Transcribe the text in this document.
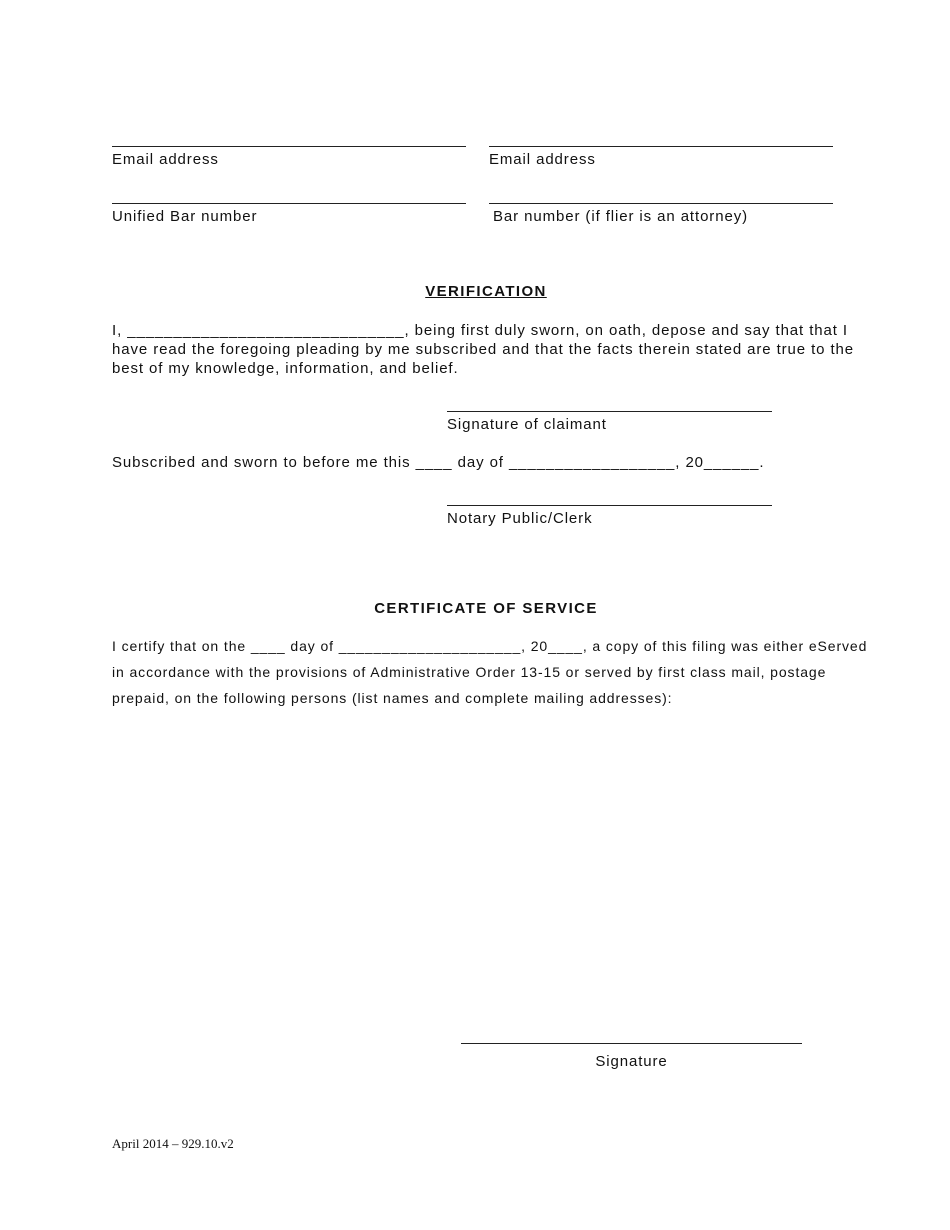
Email address	Email address
Unified Bar number	Bar number (if flier is an attorney)
VERIFICATION
I, ______________________________, being first duly sworn, on oath, depose and say that that I have read the foregoing pleading by me subscribed and that the facts therein stated are true to the best of my knowledge, information, and belief.
Signature of claimant
Subscribed and sworn to before me this ____ day of __________________, 20______.
Notary Public/Clerk
CERTIFICATE OF SERVICE
I certify that on the ____ day of _____________________, 20____, a copy of this filing was either eServed in accordance with the provisions of Administrative Order 13-15 or served by first class mail, postage prepaid, on the following persons (list names and complete mailing addresses):
Signature
April 2014 – 929.10.v2
